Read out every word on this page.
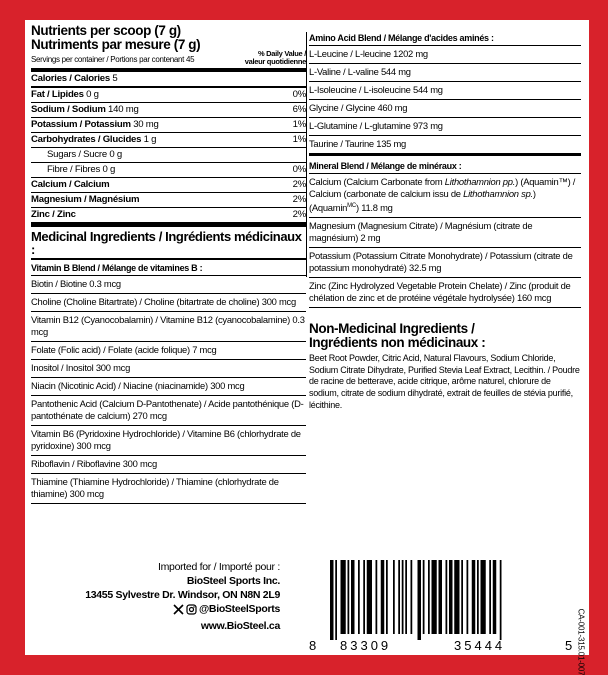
Nutrients per scoop (7 g)
Nutriments par mesure (7 g)
Servings per container / Portions par contenant 45
% Daily Value / valeur quotidienne
Calories / Calories 5
Fat / Lipides 0 g	0%
Sodium / Sodium 140 mg	6%
Potassium / Potassium 30 mg	1%
Carbohydrates / Glucides 1 g	1%
Sugars / Sucre 0 g
Fibre / Fibres 0 g	0%
Calcium / Calcium	2%
Magnesium / Magnésium	2%
Zinc / Zinc	2%
Medicinal Ingredients / Ingrédients médicinaux :
Vitamin B Blend / Mélange de vitamines B :
Biotin / Biotine 0.3 mcg
Choline (Choline Bitartrate) / Choline (bitartrate de choline) 300 mcg
Vitamin B12 (Cyanocobalamin) / Vitamine B12 (cyanocobalamine) 0.3 mcg
Folate (Folic acid) / Folate (acide folique) 7 mcg
Inositol / Inositol 300 mcg
Niacin (Nicotinic Acid) / Niacine (niacinamide) 300 mcg
Pantothenic Acid (Calcium D-Pantothenate) / Acide pantothénique (D-pantothénate de calcium) 270 mcg
Vitamin B6 (Pyridoxine Hydrochloride) / Vitamine B6 (chlorhydrate de pyridoxine) 300 mcg
Riboflavin / Riboflavine 300 mcg
Thiamine (Thiamine Hydrochloride) / Thiamine (chlorhydrate de thiamine) 300 mcg
Amino Acid Blend / Mélange d'acides aminés :
L-Leucine / L-leucine 1202 mg
L-Valine / L-valine 544 mg
L-Isoleucine / L-isoleucine 544 mg
Glycine / Glycine 460 mg
L-Glutamine / L-glutamine 973 mg
Taurine / Taurine 135 mg
Mineral Blend / Mélange de minéraux :
Calcium (Calcium Carbonate from Lithothamnion pp.) (Aquamin™) / Calcium (carbonate de calcium issu de Lithothamnion sp.) (Aquamin$^{MC}$) 11.8 mg
Magnesium (Magnesium Citrate) / Magnésium (citrate de magnésium) 2 mg
Potassium (Potassium Citrate Monohydrate) / Potassium (citrate de potassium monohydraté) 32.5 mg
Zinc (Zinc Hydrolyzed Vegetable Protein Chelate) / Zinc (produit de chélation de zinc et de protéine végétale hydrolysée) 160 mcg
Non-Medicinal Ingredients / Ingrédients non médicinaux :
Beet Root Powder, Citric Acid, Natural Flavours, Sodium Chloride, Sodium Citrate Dihydrate, Purified Stevia Leaf Extract, Lecithin. / Poudre de racine de betterave, acide citrique, arôme naturel, chlorure de sodium, citrate de sodium dihydraté, extrait de feuilles de stévia purifié, lécithine.
Imported for / Importé pour :
BioSteel Sports Inc.
13455 Sylvestre Dr. Windsor, ON N8N 2L9
@BioSteelSports
www.BioSteel.ca
8 83309	35444	5 CA-001-315.01-007
